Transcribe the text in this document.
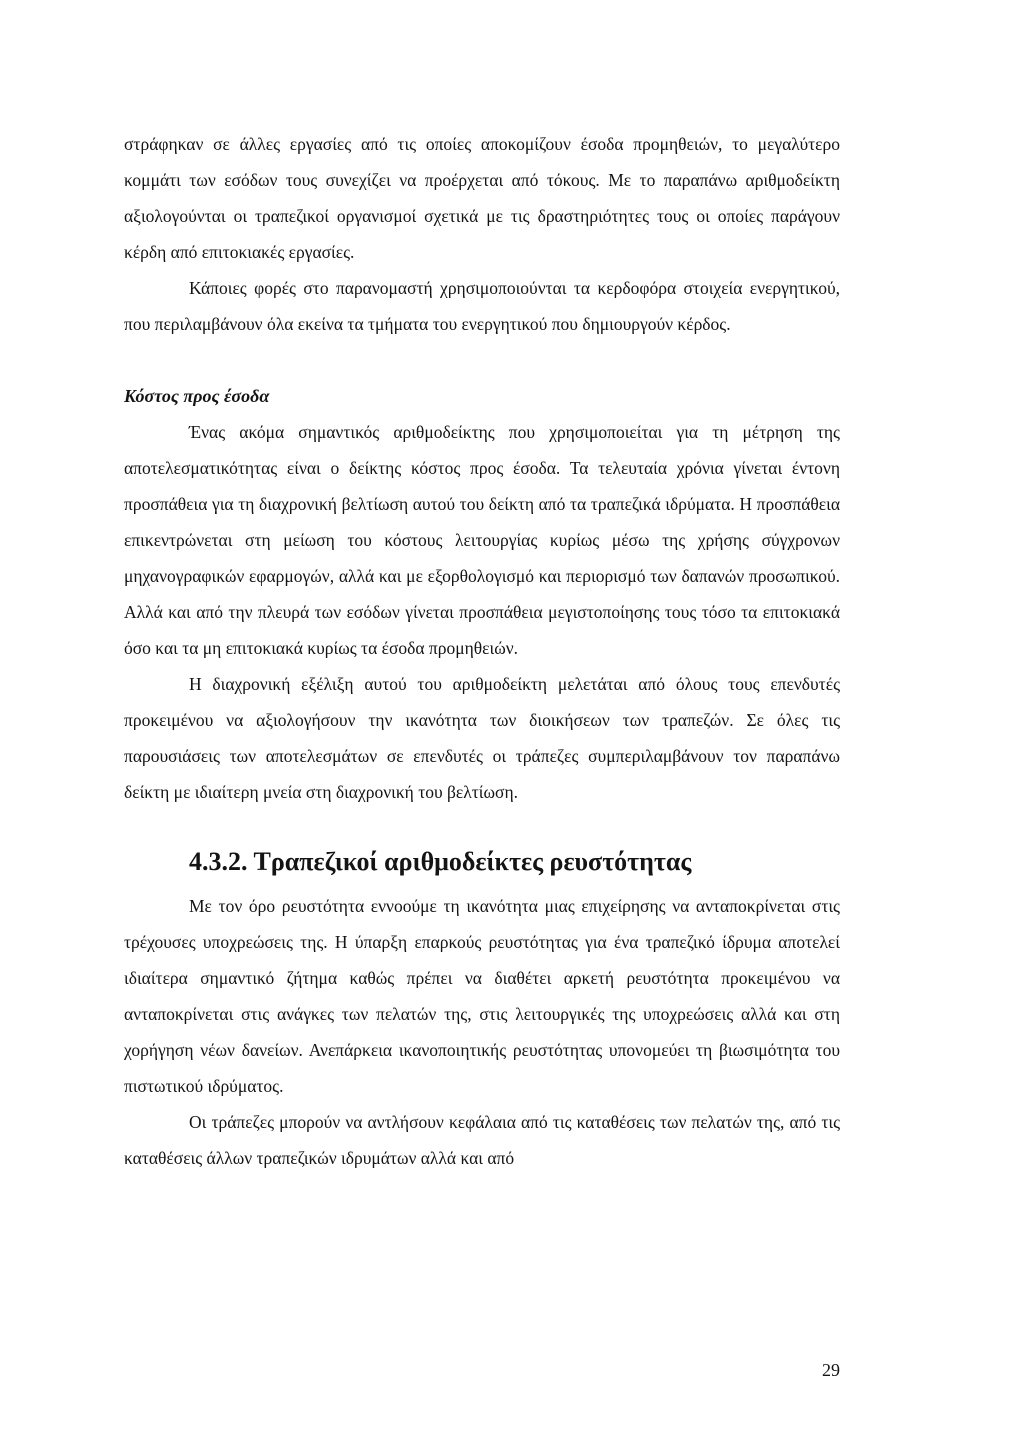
στράφηκαν σε άλλες εργασίες από τις οποίες αποκομίζουν έσοδα προμηθειών, το μεγαλύτερο κομμάτι των εσόδων τους συνεχίζει να προέρχεται από τόκους. Με το παραπάνω αριθμοδείκτη αξιολογούνται οι τραπεζικοί οργανισμοί σχετικά με τις δραστηριότητες τους οι οποίες παράγουν κέρδη από επιτοκιακές εργασίες.

Κάποιες φορές στο παρανομαστή χρησιμοποιούνται τα κερδοφόρα στοιχεία ενεργητικού, που περιλαμβάνουν όλα εκείνα τα τμήματα του ενεργητικού που δημιουργούν κέρδος.

Κόστος προς έσοδα

Ένας ακόμα σημαντικός αριθμοδείκτης που χρησιμοποιείται για τη μέτρηση της αποτελεσματικότητας είναι ο δείκτης κόστος προς έσοδα. Τα τελευταία χρόνια γίνεται έντονη προσπάθεια για τη διαχρονική βελτίωση αυτού του δείκτη από τα τραπεζικά ιδρύματα. Η προσπάθεια επικεντρώνεται στη μείωση του κόστους λειτουργίας κυρίως μέσω της χρήσης σύγχρονων μηχανογραφικών εφαρμογών, αλλά και με εξορθολογισμό και περιορισμό των δαπανών προσωπικού. Αλλά και από την πλευρά των εσόδων γίνεται προσπάθεια μεγιστοποίησης τους τόσο τα επιτοκιακά όσο και τα μη επιτοκιακά κυρίως τα έσοδα προμηθειών.

Η διαχρονική εξέλιξη αυτού του αριθμοδείκτη μελετάται από όλους τους επενδυτές προκειμένου να αξιολογήσουν την ικανότητα των διοικήσεων των τραπεζών. Σε όλες τις παρουσιάσεις των αποτελεσμάτων σε επενδυτές οι τράπεζες συμπεριλαμβάνουν τον παραπάνω δείκτη με ιδιαίτερη μνεία στη διαχρονική του βελτίωση.

4.3.2. Τραπεζικοί αριθμοδείκτες ρευστότητας

Με τον όρο ρευστότητα εννοούμε τη ικανότητα μιας επιχείρησης να ανταποκρίνεται στις τρέχουσες υποχρεώσεις της. Η ύπαρξη επαρκούς ρευστότητας για ένα τραπεζικό ίδρυμα αποτελεί ιδιαίτερα σημαντικό ζήτημα καθώς πρέπει να διαθέτει αρκετή ρευστότητα προκειμένου να ανταποκρίνεται στις ανάγκες των πελατών της, στις λειτουργικές της υποχρεώσεις αλλά και στη χορήγηση νέων δανείων. Ανεπάρκεια ικανοποιητικής ρευστότητας υπονομεύει τη βιωσιμότητα του πιστωτικού ιδρύματος.

Οι τράπεζες μπορούν να αντλήσουν κεφάλαια από τις καταθέσεις των πελατών της, από τις καταθέσεις άλλων τραπεζικών ιδρυμάτων αλλά και από

29
